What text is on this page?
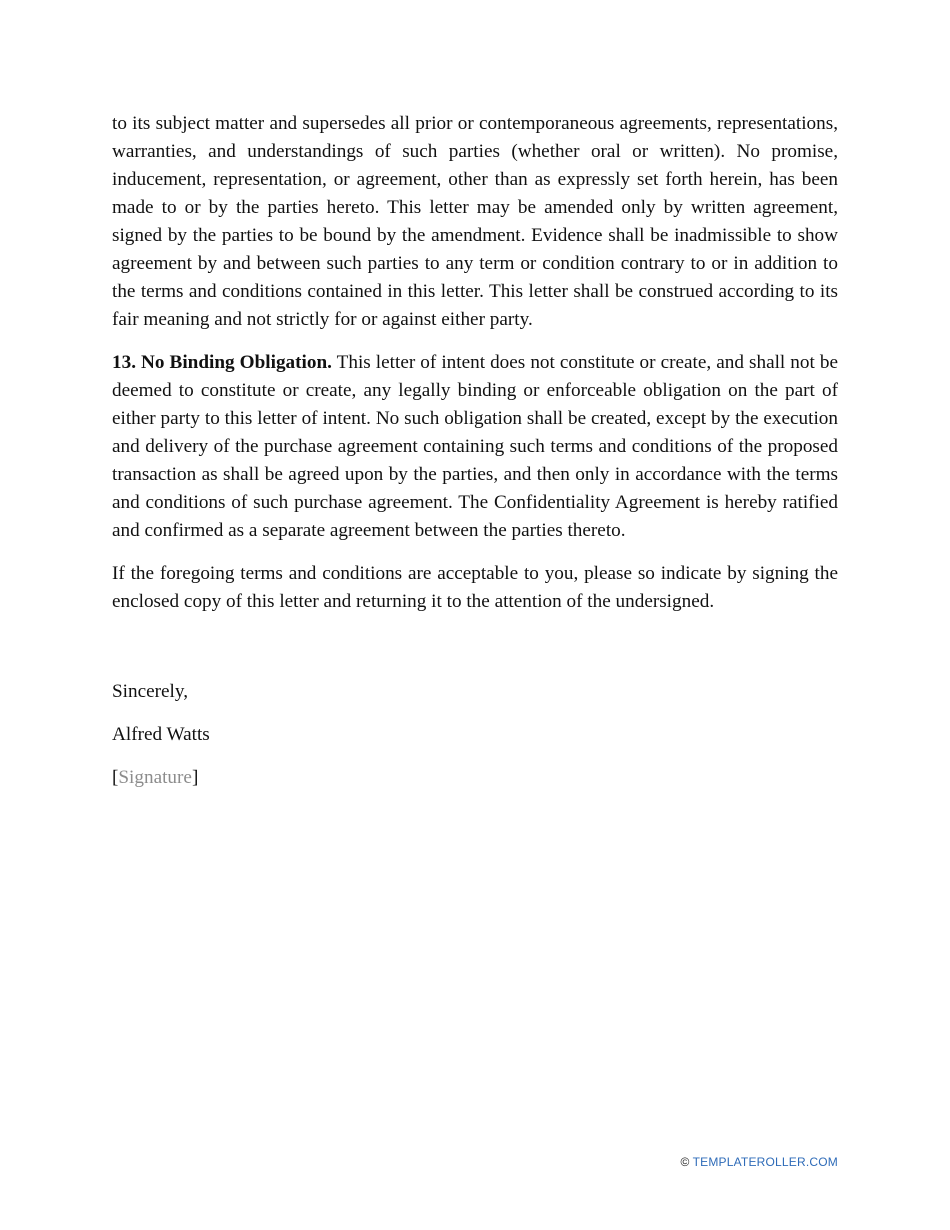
to its subject matter and supersedes all prior or contemporaneous agreements, representations, warranties, and understandings of such parties (whether oral or written). No promise, inducement, representation, or agreement, other than as expressly set forth herein, has been made to or by the parties hereto. This letter may be amended only by written agreement, signed by the parties to be bound by the amendment. Evidence shall be inadmissible to show agreement by and between such parties to any term or condition contrary to or in addition to the terms and conditions contained in this letter. This letter shall be construed according to its fair meaning and not strictly for or against either party.

13. No Binding Obligation. This letter of intent does not constitute or create, and shall not be deemed to constitute or create, any legally binding or enforceable obligation on the part of either party to this letter of intent. No such obligation shall be created, except by the execution and delivery of the purchase agreement containing such terms and conditions of the proposed transaction as shall be agreed upon by the parties, and then only in accordance with the terms and conditions of such purchase agreement. The Confidentiality Agreement is hereby ratified and confirmed as a separate agreement between the parties thereto.

If the foregoing terms and conditions are acceptable to you, please so indicate by signing the enclosed copy of this letter and returning it to the attention of the undersigned.

Sincerely,

Alfred Watts

[Signature]

© TEMPLATEROLLER.COM
